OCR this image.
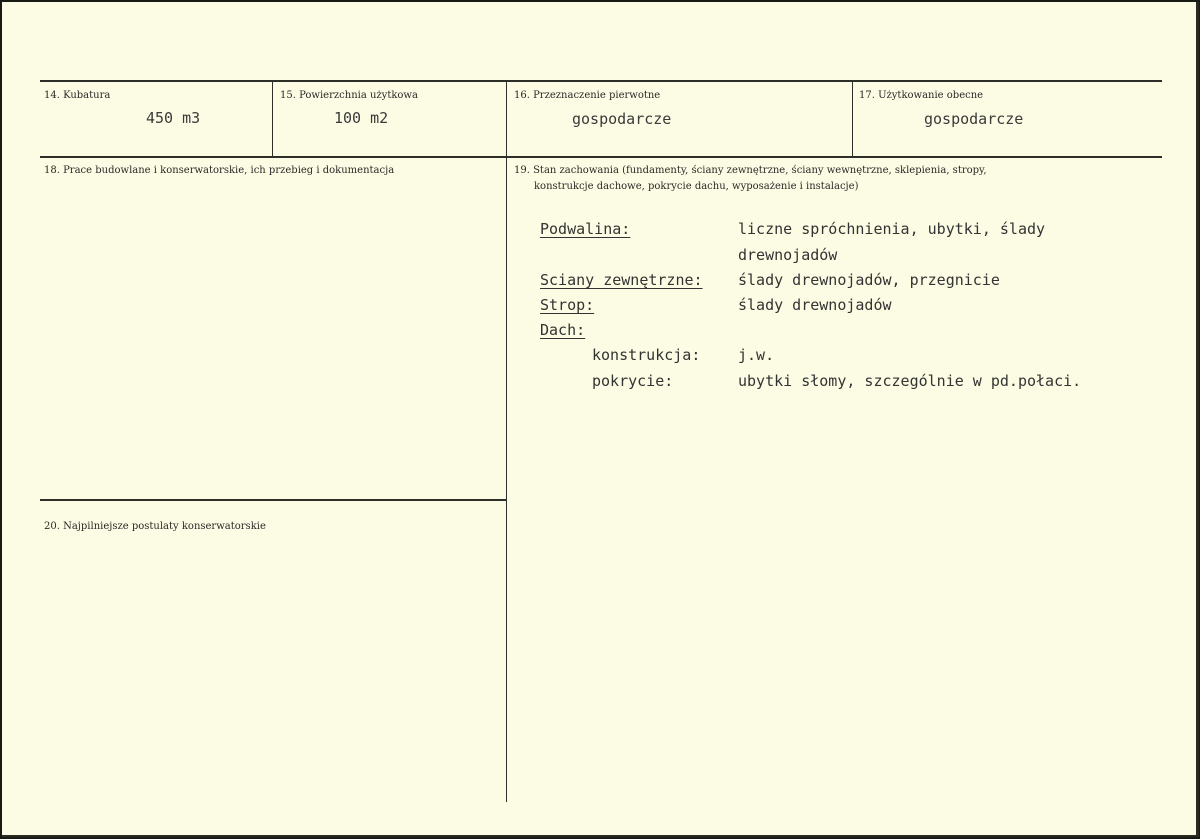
14. Kubatura
450 m3
15. Powierzchnia użytkowa
100 m2
16. Przeznaczenie pierwotne
gospodarcze
17. Użytkowanie obecne
gospodarcze
18. Prace budowlane i konserwatorskie, ich przebieg i dokumentacja
20. Najpilniejsze postulaty konserwatorskie
19. Stan zachowania (fundamenty, ściany zewnętrzne, ściany wewnętrzne, sklepienia, stropy,
konstrukcje dachowe, pokrycie dachu, wyposażenie i instalacje)
Podwalina:	liczne spróchnienia, ubytki, ślady
drewnojadów
Sciany zewnętrzne: ślady drewnojadów, przegnicie
Strop:	ślady drewnojadów
Dach:
konstrukcja:	j.w.
pokrycie:	ubytki słomy, szczególnie w pd.połaci.
